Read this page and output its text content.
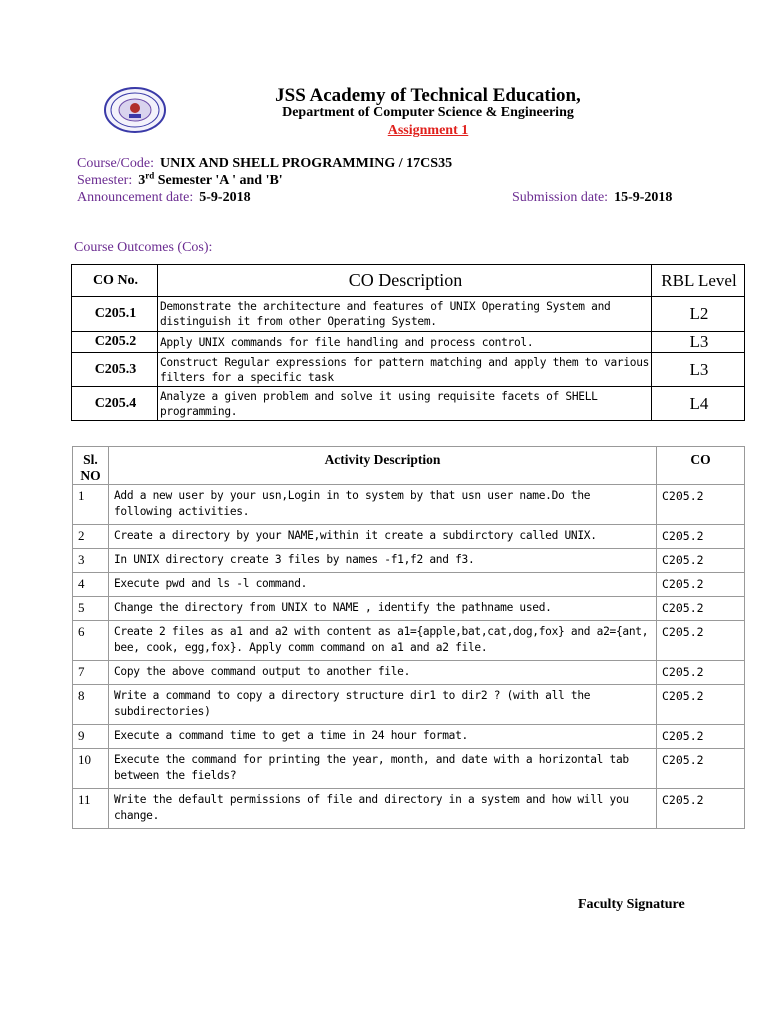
JSS Academy of Technical Education,
Department of Computer Science & Engineering
Assignment 1
Course/Code: UNIX AND SHELL PROGRAMMING / 17CS35
Semester: 3rd Semester 'A ' and 'B'
Announcement date: 5-9-2018	Submission date: 15-9-2018
Course Outcomes (Cos):
CO No.	CO Description	RBL Level
C205.1	Demonstrate the architecture and features of UNIX Operating System and distinguish it from other Operating System.	L2
C205.2	Apply UNIX commands for file handling and process control.	L3
C205.3	Construct Regular expressions for pattern matching and apply them to various filters for a specific task	L3
C205.4	Analyze a given problem and solve it using requisite facets of SHELL programming.	L4
Sl. NO	Activity Description	CO
1	Add a new user by your usn,Login in to system by that usn user name.Do the following activities.	C205.2
2	Create a directory by your NAME,within it create a subdirctory called UNIX.	C205.2
3	In UNIX directory create 3 files by names -f1,f2 and f3.	C205.2
4	Execute pwd and ls -l command.	C205.2
5	Change the directory from UNIX to NAME , identify the pathname used.	C205.2
6	Create 2 files as a1 and a2 with content as a1={apple,bat,cat,dog,fox} and a2={ant, bee, cook, egg,fox}. Apply comm command on a1 and a2 file.	C205.2
7	Copy the above command output to another file.	C205.2
8	Write a command to copy a directory structure dir1 to dir2 ? (with all the subdirectories)	C205.2
9	Execute a command time to get a time in 24 hour format.	C205.2
10	Execute the command for printing the year, month, and date with a horizontal tab between the fields?	C205.2
11	Write the default permissions of file and directory in a system and how will you change.	C205.2
Faculty Signature
